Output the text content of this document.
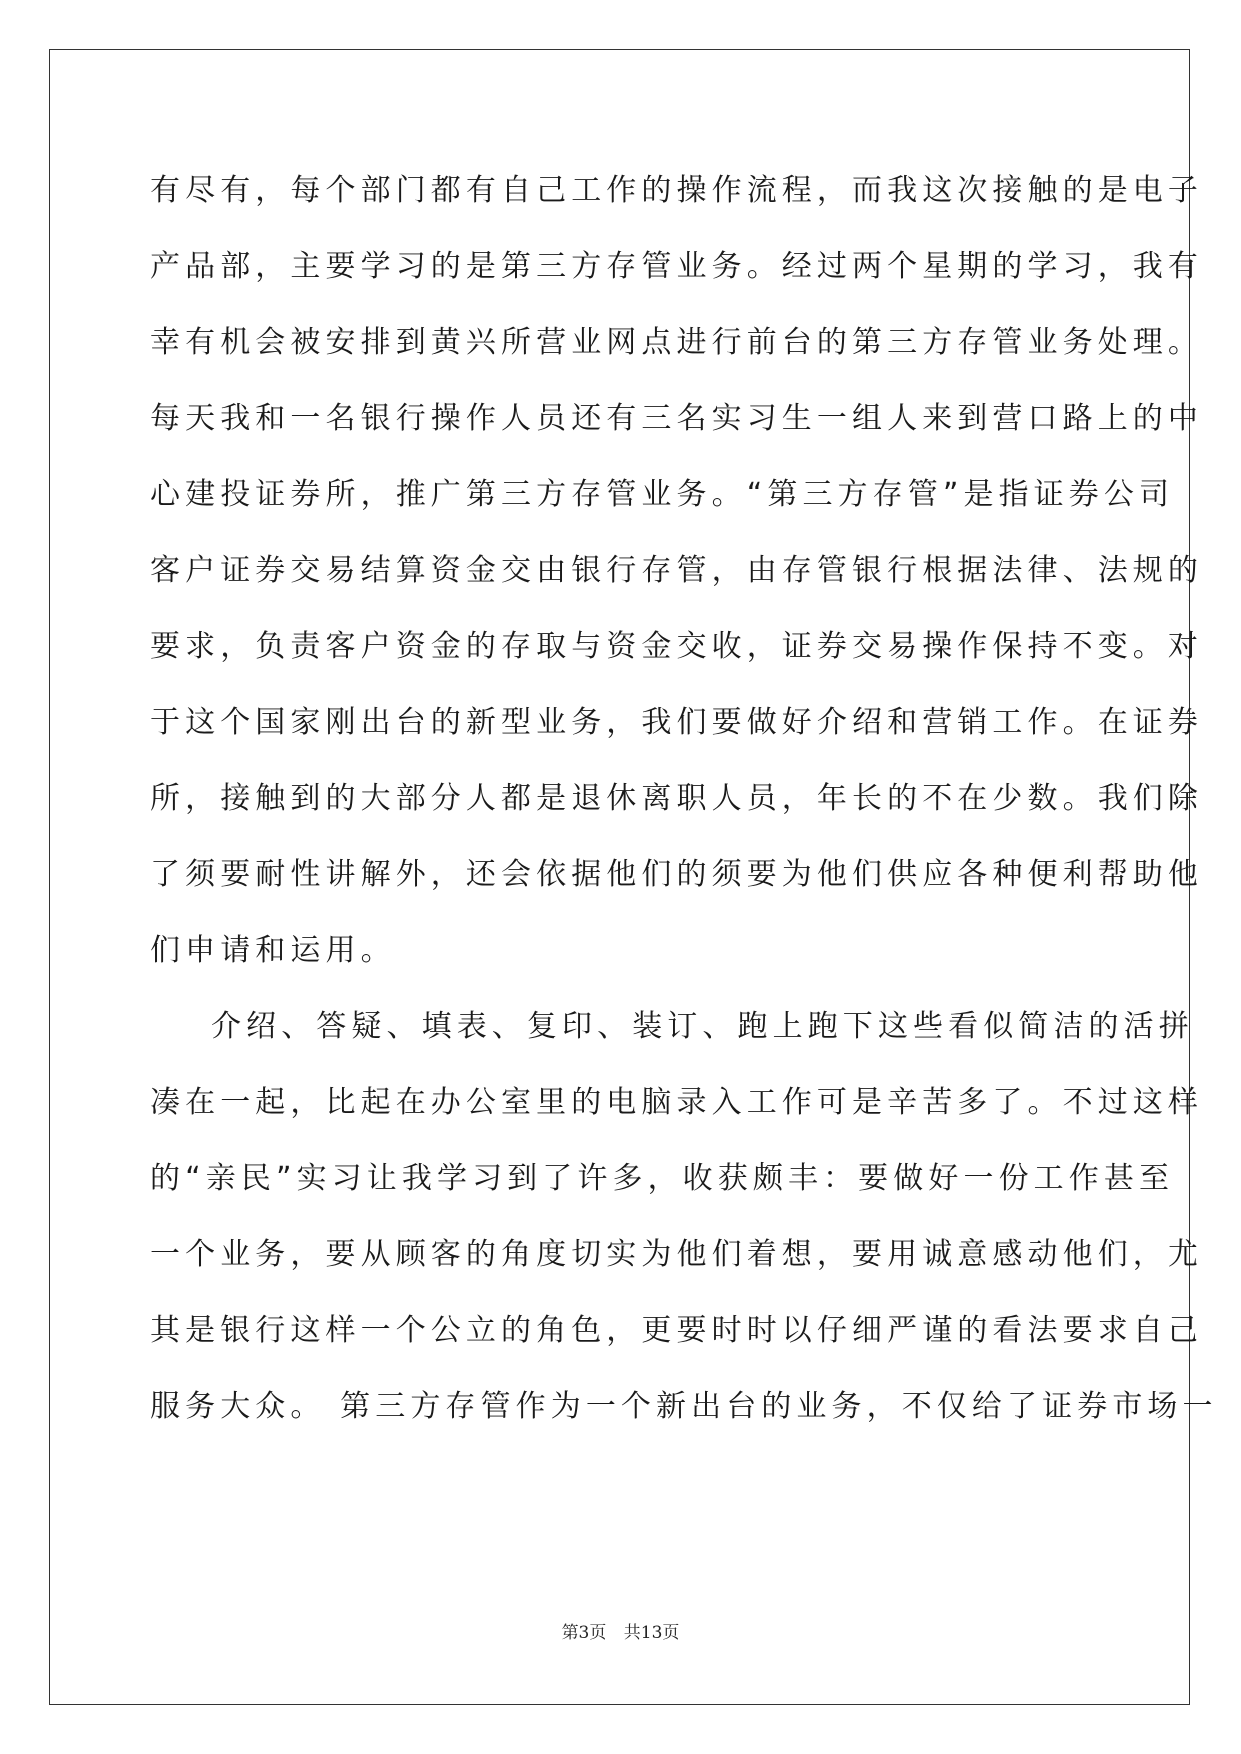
有尽有，每个部门都有自己工作的操作流程，而我这次接触的是电子
产品部，主要学习的是第三方存管业务。经过两个星期的学习，我有
幸有机会被安排到黄兴所营业网点进行前台的第三方存管业务处理。
每天我和一名银行操作人员还有三名实习生一组人来到营口路上的中
心建投证券所，推广第三方存管业务。“第三方存管”是指证券公司
客户证券交易结算资金交由银行存管，由存管银行根据法律、法规的
要求，负责客户资金的存取与资金交收，证券交易操作保持不变。对
于这个国家刚出台的新型业务，我们要做好介绍和营销工作。在证券
所，接触到的大部分人都是退休离职人员，年长的不在少数。我们除
了须要耐性讲解外，还会依据他们的须要为他们供应各种便利帮助他
们申请和运用。
介绍、答疑、填表、复印、装订、跑上跑下这些看似简洁的活拼
凑在一起，比起在办公室里的电脑录入工作可是辛苦多了。不过这样
的“亲民”实习让我学习到了许多，收获颇丰：要做好一份工作甚至
一个业务，要从顾客的角度切实为他们着想，要用诚意感动他们，尤
其是银行这样一个公立的角色，更要时时以仔细严谨的看法要求自己
服务大众。 第三方存管作为一个新出台的业务，不仅给了证券市场一
第3页 共13页
